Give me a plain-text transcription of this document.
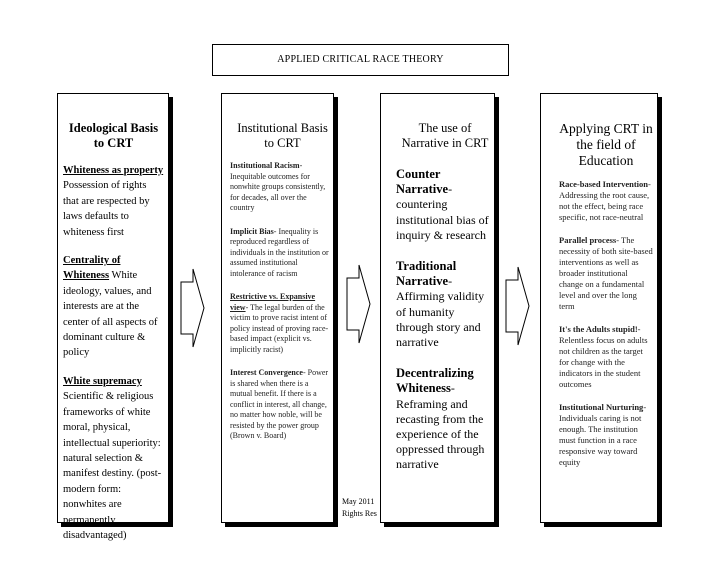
APPLIED CRITICAL RACE THEORY
Ideological Basis to CRT
Whiteness as property Possession of rights that are respected by laws defaults to whiteness first
Centrality of Whiteness White ideology, values, and interests are at the center of all aspects of dominant culture & policy
White supremacy Scientific & religious frameworks of white moral, physical, intellectual superiority: natural selection & manifest destiny. (post-modern form: nonwhites are permanently disadvantaged)
Institutional Basis to CRT
Institutional Racism- Inequitable outcomes for nonwhite groups consistently, for decades, all over the country
Implicit Bias- Inequality is reproduced regardless of individuals in the institution or assumed institutional intolerance of racism
Restrictive vs. Expansive view- The legal burden of the victim to prove racist intent of policy instead of proving race-based impact (explicit vs. implicitly racist)
Interest Convergence- Power is shared when there is a mutual benefit. If there is a conflict in interest, all change, no matter how noble, will be resisted by the power group (Brown v. Board)
The use of Narrative in CRT
Counter Narrative- countering institutional bias of inquiry & research
Traditional Narrative- Affirming validity of humanity through story and narrative
Decentralizing Whiteness- Reframing and recasting from the experience of the oppressed through narrative
Applying CRT in the field of Education
Race-based Intervention- Addressing the root cause, not the effect, being race specific, not race-neutral
Parallel process- The necessity of both site-based interventions as well as broader institutional change on a fundamental level and over the long term
It's the Adults stupid!- Relentless focus on adults not children as the target for change with the indicators in the student outcomes
Institutional Nurturing- Individuals caring is not enough. The institution must function in a race responsive way toward equity
May 2011
Rights Res
